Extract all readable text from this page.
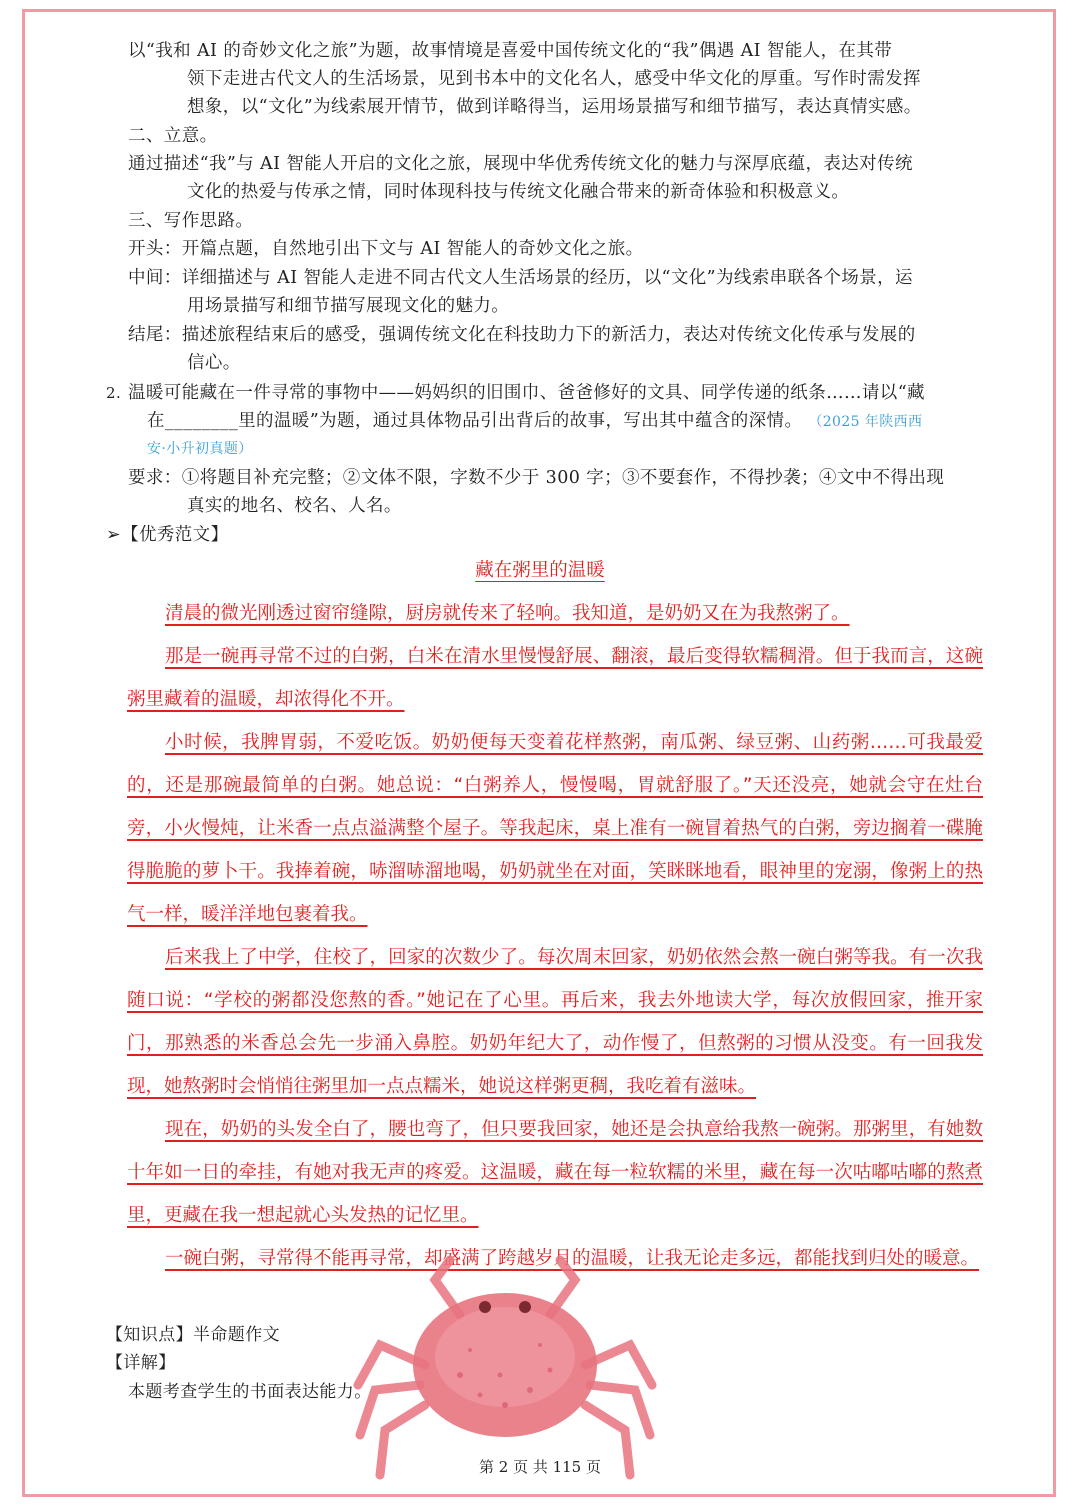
以“我和 AI 的奇妙文化之旅”为题，故事情境是喜爱中国传统文化的“我”偶遇 AI 智能人，在其带
领下走进古代文人的生活场景，见到书本中的文化名人，感受中华文化的厚重。写作时需发挥
想象，以“文化”为线索展开情节，做到详略得当，运用场景描写和细节描写，表达真情实感。
二、立意。
通过描述“我”与 AI 智能人开启的文化之旅，展现中华优秀传统文化的魅力与深厚底蕴，表达对传统
文化的热爱与传承之情，同时体现科技与传统文化融合带来的新奇体验和积极意义。
三、写作思路。
开头：开篇点题，自然地引出下文与 AI 智能人的奇妙文化之旅。
中间：详细描述与 AI 智能人走进不同古代文人生活场景的经历，以“文化”为线索串联各个场景，运
用场景描写和细节描写展现文化的魅力。
结尾：描述旅程结束后的感受，强调传统文化在科技助力下的新活力，表达对传统文化传承与发展的
信心。
2. 温暖可能藏在一件寻常的事物中——妈妈织的旧围巾、爸爸修好的文具、同学传递的纸条……请以“藏
在________里的温暖”为题，通过具体物品引出背后的故事，写出其中蕴含的深情。 （2025 年陕西西
安·小升初真题）
要求：①将题目补充完整；②文体不限，字数不少于 300 字；③不要套作，不得抄袭；④文中不得出现
真实的地名、校名、人名。
➢【优秀范文】
藏在粥里的温暖

清晨的微光刚透过窗帘缝隙，厨房就传来了轻响。我知道，是奶奶又在为我熬粥了。

那是一碗再寻常不过的白粥，白米在清水里慢慢舒展、翻滚，最后变得软糯稠滑。但于我而言，这碗粥里藏着的温暖，却浓得化不开。

小时候，我脾胃弱，不爱吃饭。奶奶便每天变着花样熬粥，南瓜粥、绿豆粥、山药粥……可我最爱的，还是那碗最简单的白粥。她总说：“白粥养人，慢慢喝，胃就舒服了。”天还没亮，她就会守在灶台旁，小火慢炖，让米香一点点溢满整个屋子。等我起床，桌上准有一碗冒着热气的白粥，旁边搁着一碟腌得脆脆的萝卜干。我捧着碗，哧溜哧溜地喝，奶奶就坐在对面，笑眯眯地看，眼神里的宠溺，像粥上的热气一样，暖洋洋地包裹着我。

后来我上了中学，住校了，回家的次数少了。每次周末回家，奶奶依然会熬一碗白粥等我。有一次我随口说：“学校的粥都没您熬的香。”她记在了心里。再后来，我去外地读大学，每次放假回家，推开家门，那熟悉的米香总会先一步涌入鼻腔。奶奶年纪大了，动作慢了，但熬粥的习惯从没变。有一回我发现，她熬粥时会悄悄往粥里加一点点糯米，她说这样粥更稠，我吃着有滋味。

现在，奶奶的头发全白了，腰也弯了，但只要我回家，她还是会执意给我熬一碗粥。那粥里，有她数十年如一日的牵挂，有她对我无声的疼爱。这温暖，藏在每一粒软糯的米里，藏在每一次咕嘟咕嘟的熬煮里，更藏在我一想起就心头发热的记忆里。

一碗白粥，寻常得不能再寻常，却盛满了跨越岁月的温暖，让我无论走多远，都能找到归处的暖意。

【知识点】半命题作文
【详解】
本题考查学生的书面表达能力。
第 2 页 共 115 页
